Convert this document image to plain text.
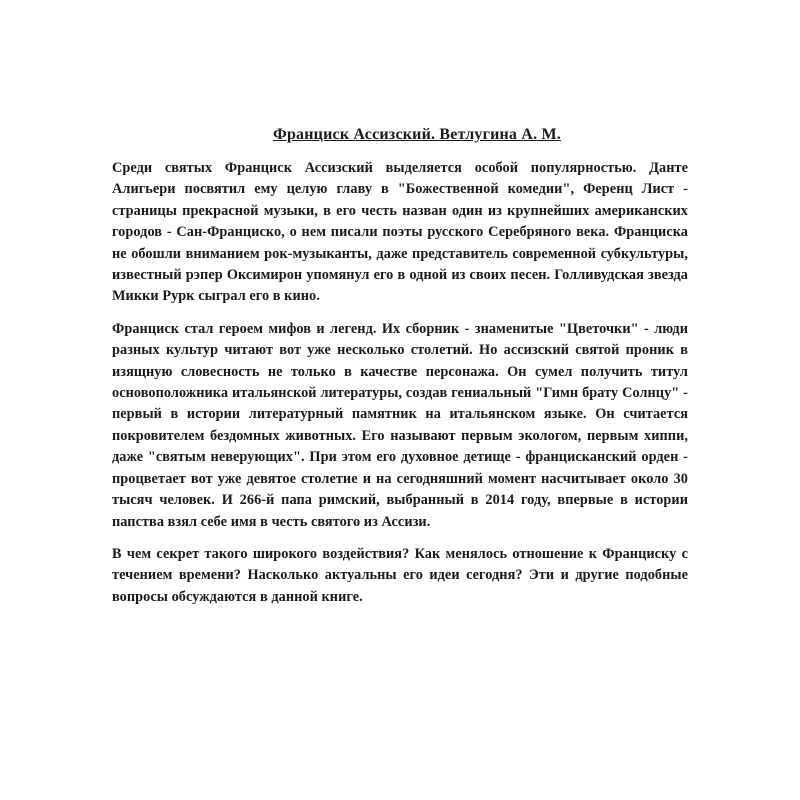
Франциск Ассизский. Ветлугина А. М.

Среди святых Франциск Ассизский выделяется особой популярностью. Данте Алигьери посвятил ему целую главу в "Божественной комедии", Ференц Лист - страницы прекрасной музыки, в его честь назван один из крупнейших американских городов - Сан-Франциско, о нем писали поэты русского Серебряного века. Франциска не обошли вниманием рок-музыканты, даже представитель современной субкультуры, известный рэпер Оксимирон упомянул его в одной из своих песен. Голливудская звезда Микки Рурк сыграл его в кино.

Франциск стал героем мифов и легенд. Их сборник - знаменитые "Цветочки" - люди разных культур читают вот уже несколько столетий. Но ассизский святой проник в изящную словесность не только в качестве персонажа. Он сумел получить титул основоположника итальянской литературы, создав гениальный "Гимн брату Солнцу" - первый в истории литературный памятник на итальянском языке. Он считается покровителем бездомных животных. Его называют первым экологом, первым хиппи, даже "святым неверующих". При этом его духовное детище - францисканский орден - процветает вот уже девятое столетие и на сегодняшний момент насчитывает около 30 тысяч человек. И 266-й папа римский, выбранный в 2014 году, впервые в истории папства взял себе имя в честь святого из Ассизи.

В чем секрет такого широкого воздействия? Как менялось отношение к Франциску с течением времени? Насколько актуальны его идеи сегодня? Эти и другие подобные вопросы обсуждаются в данной книге.
